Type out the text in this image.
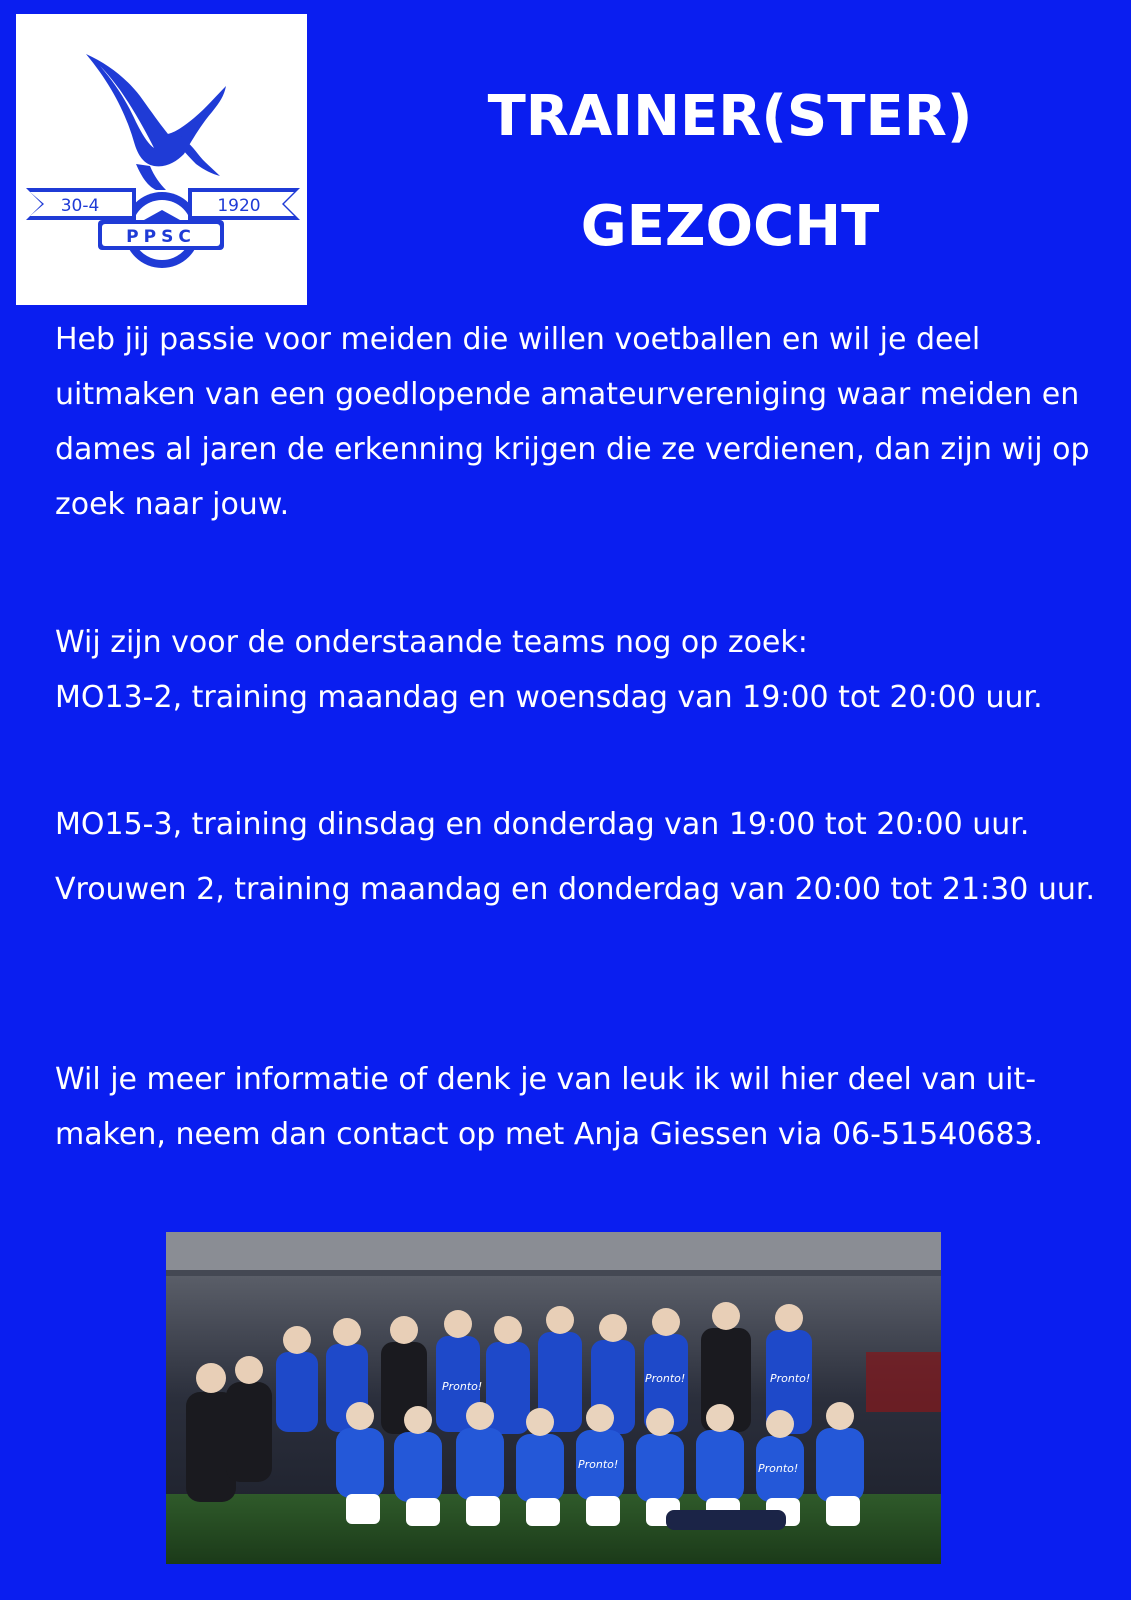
30-4	1920
PPSC
TRAINER(STER)
GEZOCHT

Heb jij passie voor meiden die willen voetballen en wil je deel uitmaken van een goedlopende amateurvereniging waar meiden en dames al jaren de erkenning krijgen die ze verdienen, dan zijn wij op zoek naar jouw.

Wij zijn voor de onderstaande teams nog op zoek:

MO13-2, training maandag en woensdag van 19:00 tot 20:00 uur.

MO15-3, training dinsdag en donderdag van 19:00 tot 20:00 uur.

Vrouwen 2, training maandag en donderdag van 20:00 tot 21:30 uur.

Wil je meer informatie of denk je van leuk ik wil hier deel van uit-maken, neem dan contact op met Anja Giessen via 06-51540683.

Pronto!
Pronto!	Pronto!
Pronto!	Pronto!
